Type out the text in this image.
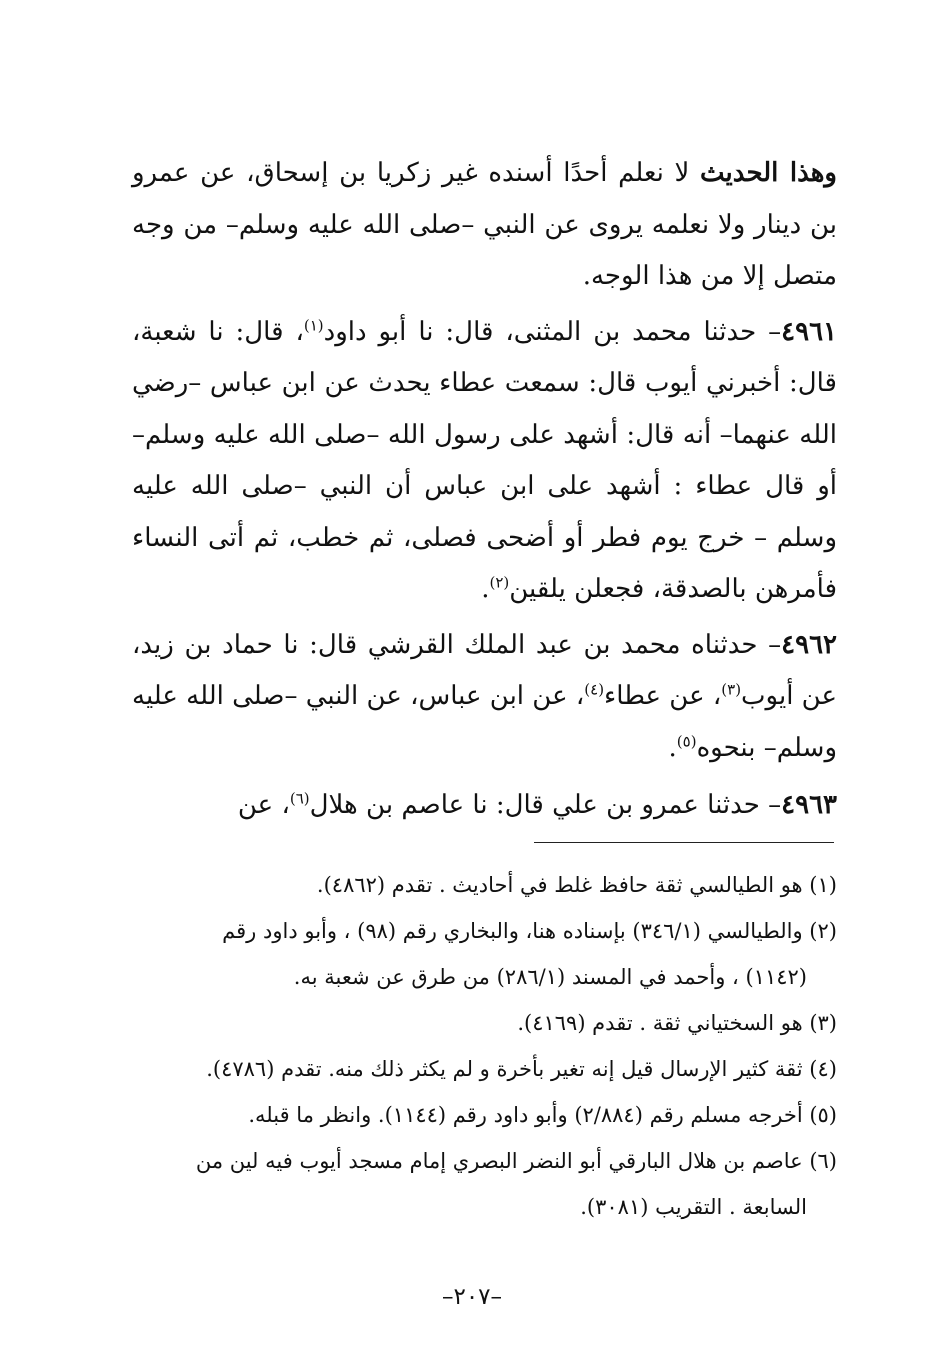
وهذا الحديث لا نعلم أحدًا أسنده غير زكريا بن إسحاق، عن عمرو بن دينار ولا نعلمه يروى عن النبي –صلى الله عليه وسلم– من وجه متصل إلا من هذا الوجه.

٤٩٦١– حدثنا محمد بن المثنى، قال: نا أبو داود$^{(١)}$، قال: نا شعبة، قال: أخبرني أيوب قال: سمعت عطاء يحدث عن ابن عباس –رضي الله عنهما– أنه قال: أشهد على رسول الله –صلى الله عليه وسلم– أو قال عطاء : أشهد على ابن عباس أن النبي –صلى الله عليه وسلم – خرج يوم فطر أو أضحى فصلى، ثم خطب، ثم أتى النساء فأمرهن بالصدقة، فجعلن يلقين$^{(٢)}$.

٤٩٦٢– حدثناه محمد بن عبد الملك القرشي قال: نا حماد بن زيد، عن أيوب$^{(٣)}$، عن عطاء$^{(٤)}$، عن ابن عباس، عن النبي –صلى الله عليه وسلم– بنحوه$^{(٥)}$.

٤٩٦٣– حدثنا عمرو بن علي قال: نا عاصم بن هلال$^{(٦)}$، عن

(١) هو الطيالسي ثقة حافظ غلط في أحاديث . تقدم (٤٨٦٢).

(٢) والطيالسي (٣٤٦/١) بإسناده هنا، والبخاري رقم (٩٨) ، وأبو داود رقم

(١١٤٢) ، وأحمد في المسند (٢٨٦/١) من طرق عن شعبة به.

(٣) هو السختياني ثقة . تقدم (٤١٦٩).

(٤) ثقة كثير الإرسال قيل إنه تغير بأخرة و لم يكثر ذلك منه. تقدم (٤٧٨٦).

(٥) أخرجه مسلم رقم (٢/٨٨٤) وأبو داود رقم (١١٤٤). وانظر ما قبله.

(٦) عاصم بن هلال البارقي أبو النضر البصري إمام مسجد أيوب فيه لين من

السابعة . التقريب (٣٠٨١).

–٢٠٧–
